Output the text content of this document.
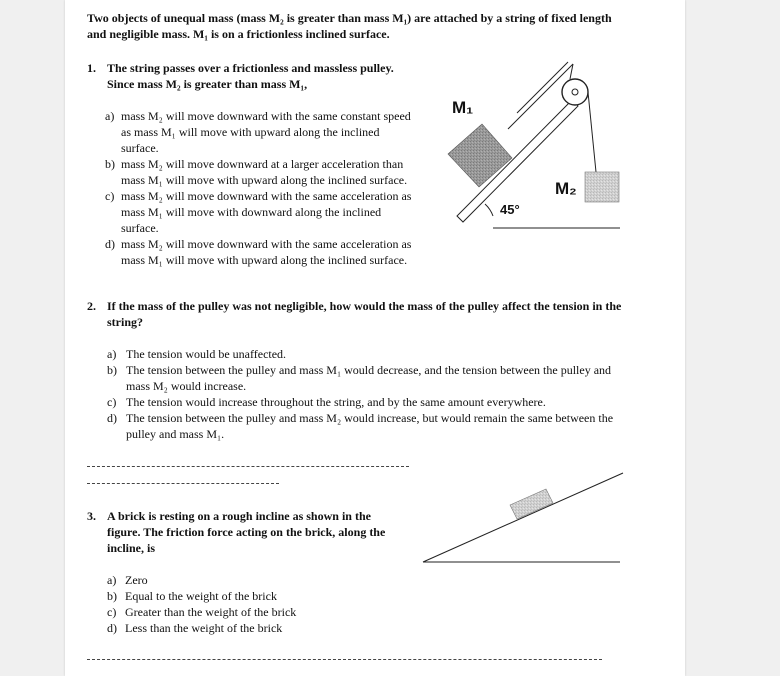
Two objects of unequal mass (mass M₂ is greater than mass M₁) are attached by a string of fixed length
and negligible mass. M₁ is on a frictionless inclined surface.
1. The string passes over a frictionless and massless pulley.
Since mass M₂ is greater than mass M₁,
a) mass M₂ will move downward with the same constant speed
as mass M₁ will move with upward along the inclined
surface.
b) mass M₂ will move downward at a larger acceleration than
mass M₁ will move with upward along the inclined surface.
c) mass M₂ will move downward with the same acceleration as
mass M₁ will move with downward along the inclined
surface.
d) mass M₂ will move downward with the same acceleration as
mass M₁ will move with upward along the inclined surface.
M₁
M₂
45°
2. If the mass of the pulley was not negligible, how would the mass of the pulley affect the tension in the
string?
a) The tension would be unaffected.
b) The tension between the pulley and mass M₁ would decrease, and the tension between the pulley and
mass M₂ would increase.
c) The tension would increase throughout the string, and by the same amount everywhere.
d) The tension between the pulley and mass M₂ would increase, but would remain the same between the
pulley and mass M₁.
3. A brick is resting on a rough incline as shown in the
figure. The friction force acting on the brick, along the
incline, is
a) Zero
b) Equal to the weight of the brick
c) Greater than the weight of the brick
d) Less than the weight of the brick
